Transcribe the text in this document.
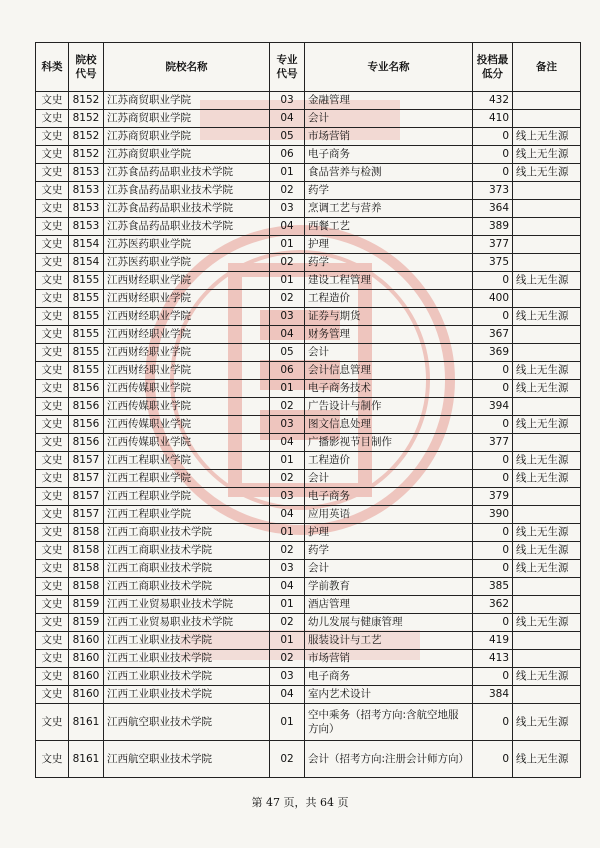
科类	院校代号	院校名称	专业代号	专业名称	投档最低分	备注
文史	8152	江苏商贸职业学院	03	金融管理	432	
文史	8152	江苏商贸职业学院	04	会计	410	
文史	8152	江苏商贸职业学院	05	市场营销	0	线上无生源
文史	8152	江苏商贸职业学院	06	电子商务	0	线上无生源
文史	8153	江苏食品药品职业技术学院	01	食品营养与检测	0	线上无生源
文史	8153	江苏食品药品职业技术学院	02	药学	373	
文史	8153	江苏食品药品职业技术学院	03	烹调工艺与营养	364	
文史	8153	江苏食品药品职业技术学院	04	西餐工艺	389	
文史	8154	江苏医药职业学院	01	护理	377	
文史	8154	江苏医药职业学院	02	药学	375	
文史	8155	江西财经职业学院	01	建设工程管理	0	线上无生源
文史	8155	江西财经职业学院	02	工程造价	400	
文史	8155	江西财经职业学院	03	证券与期货	0	线上无生源
文史	8155	江西财经职业学院	04	财务管理	367	
文史	8155	江西财经职业学院	05	会计	369	
文史	8155	江西财经职业学院	06	会计信息管理	0	线上无生源
文史	8156	江西传媒职业学院	01	电子商务技术	0	线上无生源
文史	8156	江西传媒职业学院	02	广告设计与制作	394	
文史	8156	江西传媒职业学院	03	图文信息处理	0	线上无生源
文史	8156	江西传媒职业学院	04	广播影视节目制作	377	
文史	8157	江西工程职业学院	01	工程造价	0	线上无生源
文史	8157	江西工程职业学院	02	会计	0	线上无生源
文史	8157	江西工程职业学院	03	电子商务	379	
文史	8157	江西工程职业学院	04	应用英语	390	
文史	8158	江西工商职业技术学院	01	护理	0	线上无生源
文史	8158	江西工商职业技术学院	02	药学	0	线上无生源
文史	8158	江西工商职业技术学院	03	会计	0	线上无生源
文史	8158	江西工商职业技术学院	04	学前教育	385	
文史	8159	江西工业贸易职业技术学院	01	酒店管理	362	
文史	8159	江西工业贸易职业技术学院	02	幼儿发展与健康管理	0	线上无生源
文史	8160	江西工业职业技术学院	01	服装设计与工艺	419	
文史	8160	江西工业职业技术学院	02	市场营销	413	
文史	8160	江西工业职业技术学院	03	电子商务	0	线上无生源
文史	8160	江西工业职业技术学院	04	室内艺术设计	384	
文史	8161	江西航空职业技术学院	01	空中乘务（招考方向:含航空地服方向）	0	线上无生源
文史	8161	江西航空职业技术学院	02	会计（招考方向:注册会计师方向）	0	线上无生源
第 47 页，共 64 页
